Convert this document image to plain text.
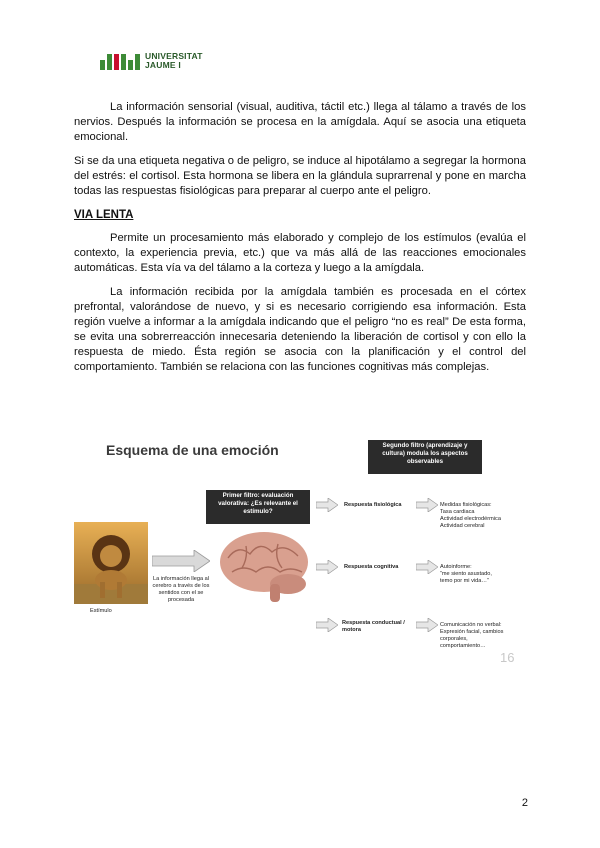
UNIVERSITAT
JAUME I

La información sensorial (visual, auditiva, táctil etc.) llega al tálamo a través de los nervios. Después la información se procesa en la amígdala. Aquí se asocia una etiqueta emocional.

Si se da una etiqueta negativa o de peligro, se induce al hipotálamo a segregar la hormona del estrés: el cortisol. Esta hormona se libera en la glándula suprarrenal y pone en marcha todas las respuestas fisiológicas para preparar al cuerpo ante el peligro.

VIA LENTA

Permite un procesamiento más elaborado y complejo de los estímulos (evalúa el contexto, la experiencia previa, etc.) que va más allá de las reacciones emocionales automáticas. Esta vía va del tálamo a la corteza y luego a la amígdala.

La información recibida por la amígdala también es procesada en el córtex prefrontal, valorándose de nuevo, y si es necesario corrigiendo esa información. Esta región vuelve a informar a la amígdala indicando que el peligro “no es real” De esta forma, se evita una sobrerreacción innecesaria deteniendo la liberación de cortisol y con ello la respuesta de miedo. Ésta región se asocia con la planificación y el control del comportamiento. También se relaciona con las funciones cognitivas más complejas.

Esquema de una emoción	Segundo filtro (aprendizaje y cultura) modula los aspectos observables
Primer filtro: evaluación valorativa: ¿Es relevante el estímulo?
Estímulo
La información llega al cerebro a través de los sentidos con el se procesada
Respuesta fisiológica	Medidas fisiológicas:
Tasa cardiaca
Actividad electrodérmica
Actividad cerebral
Respuesta cognitiva	Autoinforme:
“me siento asustado,
temo por mi vida…”
Respuesta conductual / motora
Comunicación no verbal:
Expresión facial, cambios
corporales,
comportamiento…
16
2
